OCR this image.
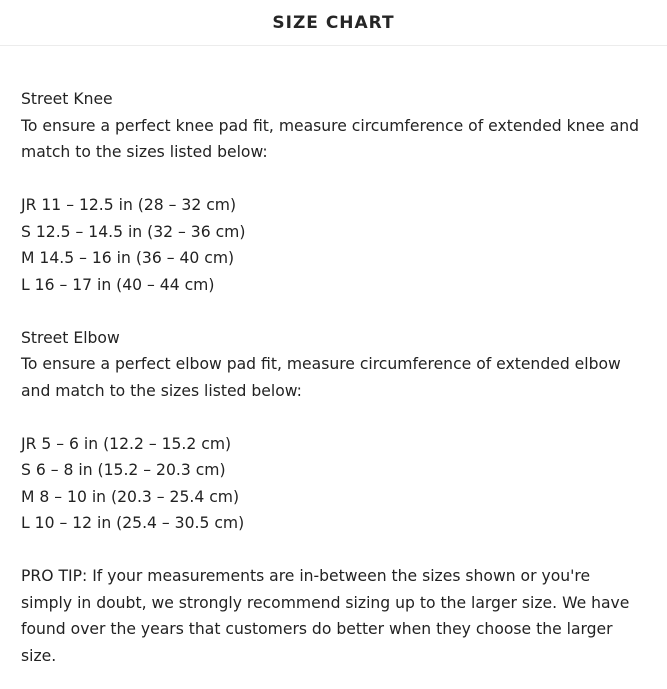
SIZE CHART

Street Knee

To ensure a perfect knee pad fit, measure circumference of extended knee and match to the sizes listed below:

JR 11 – 12.5 in (28 – 32 cm)

S 12.5 – 14.5 in (32 – 36 cm)

M 14.5 – 16 in (36 – 40 cm)

L 16 – 17 in (40 – 44 cm)

Street Elbow

To ensure a perfect elbow pad fit, measure circumference of extended elbow and match to the sizes listed below:

JR 5 – 6 in (12.2 – 15.2 cm)

S 6 – 8 in (15.2 – 20.3 cm)

M 8 – 10 in (20.3 – 25.4 cm)

L 10 – 12 in (25.4 – 30.5 cm)

PRO TIP: If your measurements are in-between the sizes shown or you're simply in doubt, we strongly recommend sizing up to the larger size. We have found over the years that customers do better when they choose the larger size.
